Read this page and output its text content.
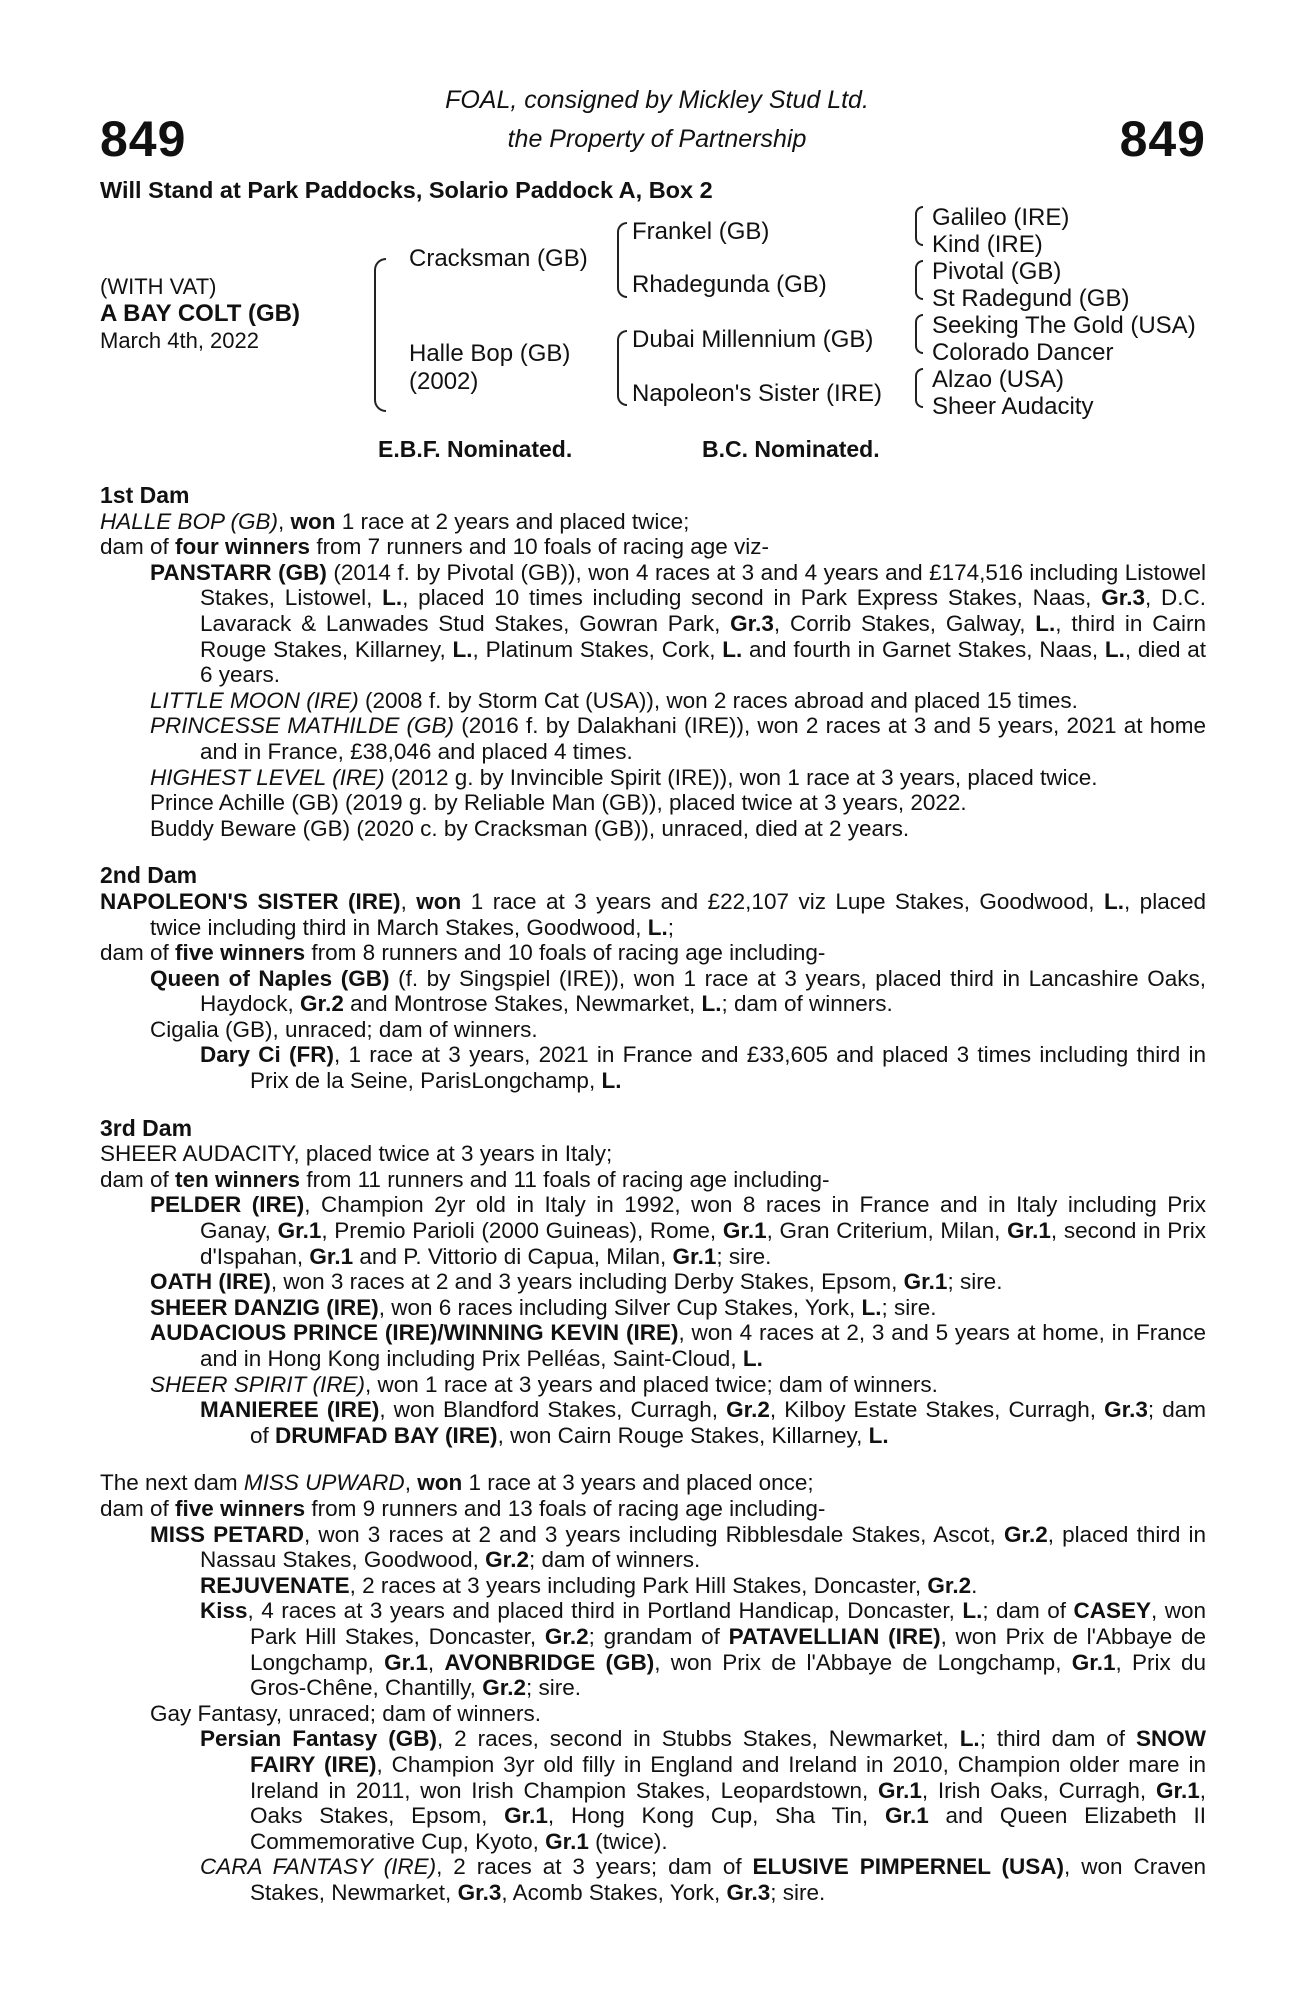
849	849
FOAL, consigned by Mickley Stud Ltd.
the Property of Partnership
Will Stand at Park Paddocks, Solario Paddock A, Box 2
(WITH VAT)
A BAY COLT (GB)
March 4th, 2022
Cracksman (GB)
Halle Bop (GB)
(2002)
Frankel (GB)
Rhadegunda (GB)
Dubai Millennium (GB)
Napoleon's Sister (IRE)
Galileo (IRE)
Kind (IRE)
Pivotal (GB)
St Radegund (GB)
Seeking The Gold (USA)
Colorado Dancer
Alzao (USA)
Sheer Audacity
E.B.F. Nominated.	B.C. Nominated.

1st Dam

HALLE BOP (GB), won 1 race at 2 years and placed twice;

dam of four winners from 7 runners and 10 foals of racing age viz-

PANSTARR (GB) (2014 f. by Pivotal (GB)), won 4 races at 3 and 4 years and £174,516 including Listowel Stakes, Listowel, L., placed 10 times including second in Park Express Stakes, Naas, Gr.3, D.C. Lavarack & Lanwades Stud Stakes, Gowran Park, Gr.3, Corrib Stakes, Galway, L., third in Cairn Rouge Stakes, Killarney, L., Platinum Stakes, Cork, L. and fourth in Garnet Stakes, Naas, L., died at 6 years.

LITTLE MOON (IRE) (2008 f. by Storm Cat (USA)), won 2 races abroad and placed 15 times.

PRINCESSE MATHILDE (GB) (2016 f. by Dalakhani (IRE)), won 2 races at 3 and 5 years, 2021 at home and in France, £38,046 and placed 4 times.

HIGHEST LEVEL (IRE) (2012 g. by Invincible Spirit (IRE)), won 1 race at 3 years, placed twice.

Prince Achille (GB) (2019 g. by Reliable Man (GB)), placed twice at 3 years, 2022.

Buddy Beware (GB) (2020 c. by Cracksman (GB)), unraced, died at 2 years.

2nd Dam

NAPOLEON'S SISTER (IRE), won 1 race at 3 years and £22,107 viz Lupe Stakes, Goodwood, L., placed twice including third in March Stakes, Goodwood, L.;

dam of five winners from 8 runners and 10 foals of racing age including-

Queen of Naples (GB) (f. by Singspiel (IRE)), won 1 race at 3 years, placed third in Lancashire Oaks, Haydock, Gr.2 and Montrose Stakes, Newmarket, L.; dam of winners.

Cigalia (GB), unraced; dam of winners.

Dary Ci (FR), 1 race at 3 years, 2021 in France and £33,605 and placed 3 times including third in Prix de la Seine, ParisLongchamp, L.

3rd Dam

SHEER AUDACITY, placed twice at 3 years in Italy;

dam of ten winners from 11 runners and 11 foals of racing age including-

PELDER (IRE), Champion 2yr old in Italy in 1992, won 8 races in France and in Italy including Prix Ganay, Gr.1, Premio Parioli (2000 Guineas), Rome, Gr.1, Gran Criterium, Milan, Gr.1, second in Prix d'Ispahan, Gr.1 and P. Vittorio di Capua, Milan, Gr.1; sire.

OATH (IRE), won 3 races at 2 and 3 years including Derby Stakes, Epsom, Gr.1; sire.

SHEER DANZIG (IRE), won 6 races including Silver Cup Stakes, York, L.; sire.

AUDACIOUS PRINCE (IRE)/WINNING KEVIN (IRE), won 4 races at 2, 3 and 5 years at home, in France and in Hong Kong including Prix Pelléas, Saint-Cloud, L.

SHEER SPIRIT (IRE), won 1 race at 3 years and placed twice; dam of winners.

MANIEREE (IRE), won Blandford Stakes, Curragh, Gr.2, Kilboy Estate Stakes, Curragh, Gr.3; dam of DRUMFAD BAY (IRE), won Cairn Rouge Stakes, Killarney, L.

The next dam MISS UPWARD, won 1 race at 3 years and placed once;

dam of five winners from 9 runners and 13 foals of racing age including-

MISS PETARD, won 3 races at 2 and 3 years including Ribblesdale Stakes, Ascot, Gr.2, placed third in Nassau Stakes, Goodwood, Gr.2; dam of winners.

REJUVENATE, 2 races at 3 years including Park Hill Stakes, Doncaster, Gr.2.

Kiss, 4 races at 3 years and placed third in Portland Handicap, Doncaster, L.; dam of CASEY, won Park Hill Stakes, Doncaster, Gr.2; grandam of PATAVELLIAN (IRE), won Prix de l'Abbaye de Longchamp, Gr.1, AVONBRIDGE (GB), won Prix de l'Abbaye de Longchamp, Gr.1, Prix du Gros-Chêne, Chantilly, Gr.2; sire.

Gay Fantasy, unraced; dam of winners.

Persian Fantasy (GB), 2 races, second in Stubbs Stakes, Newmarket, L.; third dam of SNOW FAIRY (IRE), Champion 3yr old filly in England and Ireland in 2010, Champion older mare in Ireland in 2011, won Irish Champion Stakes, Leopardstown, Gr.1, Irish Oaks, Curragh, Gr.1, Oaks Stakes, Epsom, Gr.1, Hong Kong Cup, Sha Tin, Gr.1 and Queen Elizabeth II Commemorative Cup, Kyoto, Gr.1 (twice).

CARA FANTASY (IRE), 2 races at 3 years; dam of ELUSIVE PIMPERNEL (USA), won Craven Stakes, Newmarket, Gr.3, Acomb Stakes, York, Gr.3; sire.
